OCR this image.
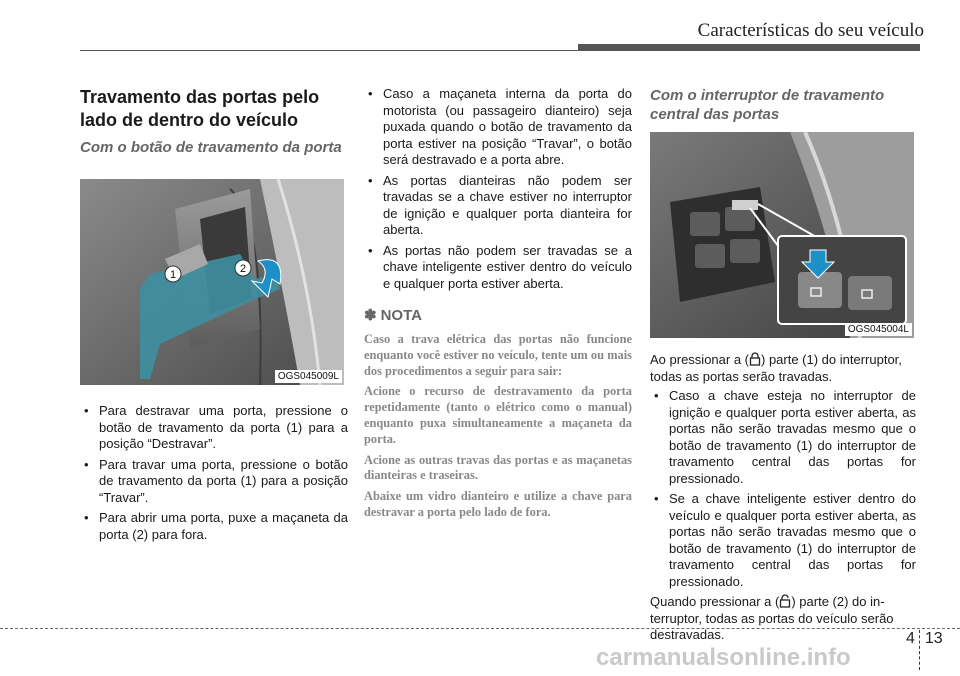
Características do seu veículo
Travamento das portas pelo lado de dentro do veículo
Com o botão de travamento da porta
1	2
OGS045009L
• Para destravar uma porta, pressione o botão de travamento da porta (1) para a posição “Destravar”.
• Para travar uma porta, pressione o botão de travamento da porta (1) para a posição “Travar”.
• Para abrir uma porta, puxe a maçaneta da porta (2) para fora.
• Caso a maçaneta interna da porta do motorista (ou passageiro dianteiro) seja puxada quando o botão de travamento da porta estiver na posição “Travar”, o botão será destravado e a porta abre.
• As portas dianteiras não podem ser travadas se a chave estiver no interruptor de ignição e qualquer porta dianteira for aberta.
• As portas não podem ser travadas se a chave inteligente estiver dentro do veículo e qualquer porta estiver aberta.
✽ NOTA

Caso a trava elétrica das portas não funcione enquanto você estiver no veículo, tente um ou mais dos procedimentos a seguir para sair:

Acione o recurso de destravamento da porta repetidamente (tanto o elétrico como o manual) enquanto puxa simultaneamente a maçaneta da porta.

Acione as outras travas das portas e as maçanetas dianteiras e traseiras.

Abaixe um vidro dianteiro e utilize a chave para destravar a porta pelo lado de fora.

Com o interruptor de travamento central das portas
OGS045004L

Ao pressionar a ( ) parte (1) do interruptor, todas as portas serão travadas.

• Caso a chave esteja no interruptor de ignição e qualquer porta estiver aberta, as portas não serão travadas mesmo que o botão de travamento (1) do interruptor de travamento central das portas for pressionado.
• Se a chave inteligente estiver dentro do veículo e qualquer porta estiver aberta, as portas não serão travadas mesmo que o botão de travamento (1) do interruptor de travamento central das portas for pressionado.

Quando pressionar a ( ) parte (2) do interruptor, todas as portas do veículo serão destravadas.

carmanualsonline.info
4 13
